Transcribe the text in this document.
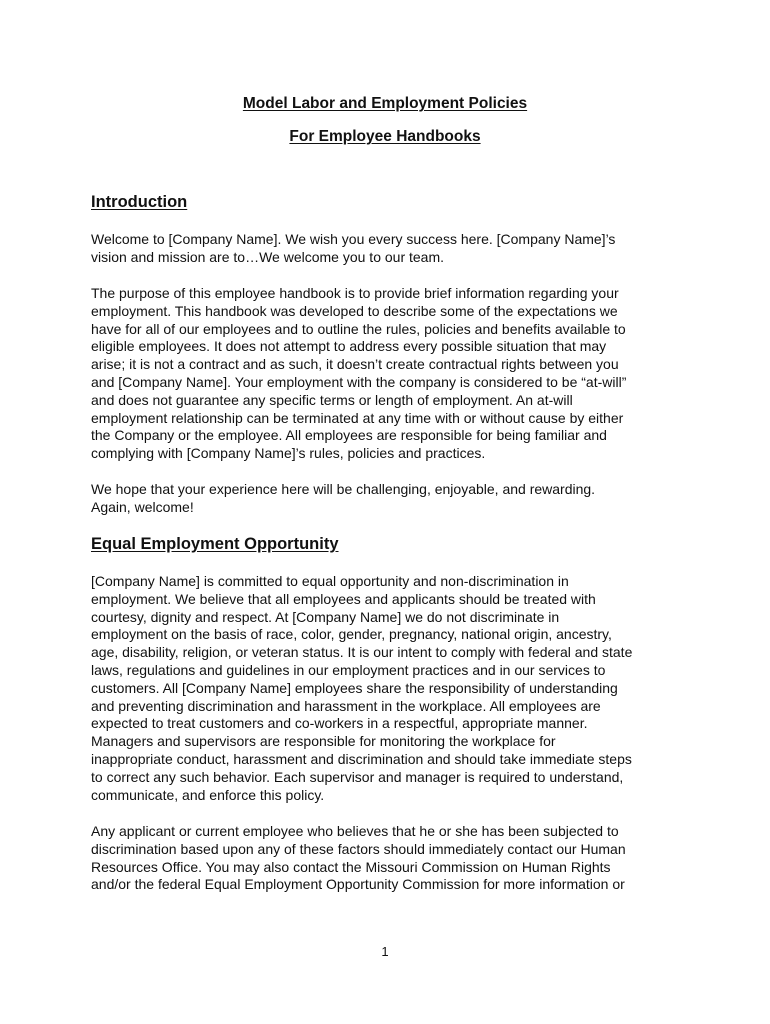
Model Labor and Employment Policies
For Employee Handbooks
Introduction

Welcome to [Company Name]. We wish you every success here. [Company Name]’s
vision and mission are to…We welcome you to our team.

The purpose of this employee handbook is to provide brief information regarding your
employment. This handbook was developed to describe some of the expectations we
have for all of our employees and to outline the rules, policies and benefits available to
eligible employees. It does not attempt to address every possible situation that may
arise; it is not a contract and as such, it doesn’t create contractual rights between you
and [Company Name]. Your employment with the company is considered to be “at-will”
and does not guarantee any specific terms or length of employment. An at-will
employment relationship can be terminated at any time with or without cause by either
the Company or the employee. All employees are responsible for being familiar and
complying with [Company Name]’s rules, policies and practices.

We hope that your experience here will be challenging, enjoyable, and rewarding.
Again, welcome!

Equal Employment Opportunity

[Company Name] is committed to equal opportunity and non-discrimination in
employment. We believe that all employees and applicants should be treated with
courtesy, dignity and respect. At [Company Name] we do not discriminate in
employment on the basis of race, color, gender, pregnancy, national origin, ancestry,
age, disability, religion, or veteran status. It is our intent to comply with federal and state
laws, regulations and guidelines in our employment practices and in our services to
customers. All [Company Name] employees share the responsibility of understanding
and preventing discrimination and harassment in the workplace. All employees are
expected to treat customers and co-workers in a respectful, appropriate manner.
Managers and supervisors are responsible for monitoring the workplace for
inappropriate conduct, harassment and discrimination and should take immediate steps
to correct any such behavior. Each supervisor and manager is required to understand,
communicate, and enforce this policy.

Any applicant or current employee who believes that he or she has been subjected to
discrimination based upon any of these factors should immediately contact our Human
Resources Office. You may also contact the Missouri Commission on Human Rights
and/or the federal Equal Employment Opportunity Commission for more information or

1
